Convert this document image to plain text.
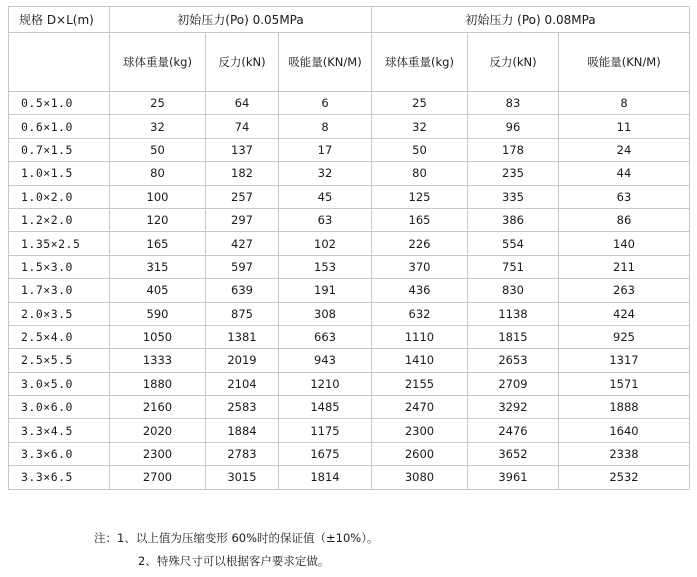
规格 D×L(m)	初始压力(Po) 0.05MPa			初始压力 (Po) 0.08MPa		
	球体重量(kg)	反力(kN)	吸能量(KN/M)	球体重量(kg)	反力(kN)	吸能量(KN/M)
0.5×1.0	25	64	6	25	83	8
0.6×1.0	32	74	8	32	96	11
0.7×1.5	50	137	17	50	178	24
1.0×1.5	80	182	32	80	235	44
1.0×2.0	100	257	45	125	335	63
1.2×2.0	120	297	63	165	386	86
1.35×2.5	165	427	102	226	554	140
1.5×3.0	315	597	153	370	751	211
1.7×3.0	405	639	191	436	830	263
2.0×3.5	590	875	308	632	1138	424
2.5×4.0	1050	1381	663	1110	1815	925
2.5×5.5	1333	2019	943	1410	2653	1317
3.0×5.0	1880	2104	1210	2155	2709	1571
3.0×6.0	2160	2583	1485	2470	3292	1888
3.3×4.5	2020	1884	1175	2300	2476	1640
3.3×6.0	2300	2783	1675	2600	3652	2338
3.3×6.5	2700	3015	1814	3080	3961	2532
注：1、以上值为压缩变形 60%时的保证值（±10%）。
2、特殊尺寸可以根据客户要求定做。
